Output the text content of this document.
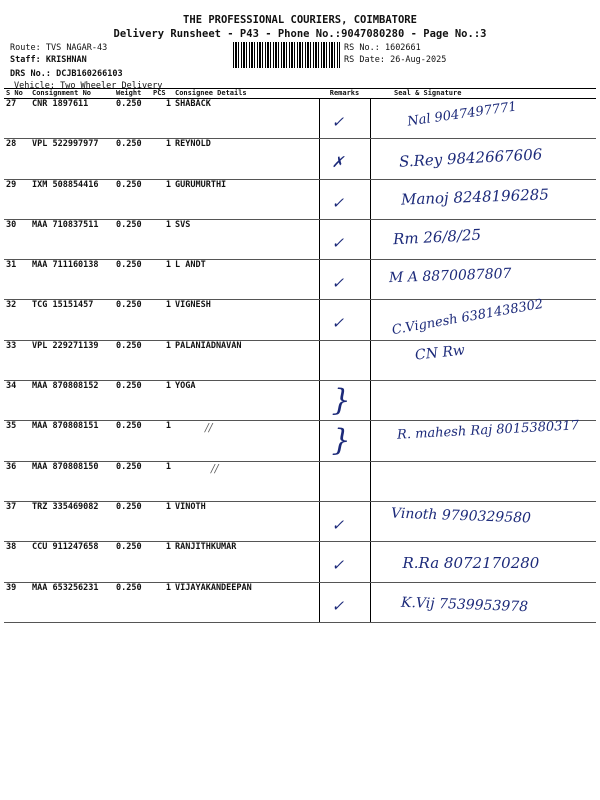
THE PROFESSIONAL COURIERS, COIMBATORE
Delivery Runsheet - P43 - Phone No.:9047080280 - Page No.:3
Route: TVS NAGAR-43
Staff: KRISHNAN
DRS No.: DCJB160266103
Vehicle: Two Wheeler Delivery
RS No.: 1602661
RS Date: 26-Aug-2025
S No	Consignment No	Weight	PCS	Consignee Details	Remarks	Seal & Signature
27	CNR 1897611	0.250	1	SHABACK	✓	Nal 9047497771

28	VPL 522997977	0.250	1	REYNOLD	✗	S.Rey 9842667606

29	IXM 508854416	0.250	1	GURUMURTHI	✓	Manoj 8248196285

30	MAA 710837511	0.250	1	SVS	✓	Rm 26/8/25

31	MAA 711160138	0.250	1	L ANDT	✓	M A 8870087807

32	TCG 15151457	0.250	1	VIGNESH	✓	C.Vignesh 6381438302

33	VPL 229271139	0.250	1	PALANIADNAVAN		CN Rw

34	MAA 870808152	0.250	1	YOGA	}	

35	MAA 870808151	0.250	1	//	}	R. mahesh Raj 8015380317

36	MAA 870808150	0.250	1	//		
37	TRZ 335469082	0.250	1	VINOTH	✓	Vinoth 9790329580

38	CCU 911247658	0.250	1	RANJITHKUMAR	✓	R.Ra 8072170280

39	MAA 653256231	0.250	1	VIJAYAKANDEEPAN	✓	K.Vij 7539953978
